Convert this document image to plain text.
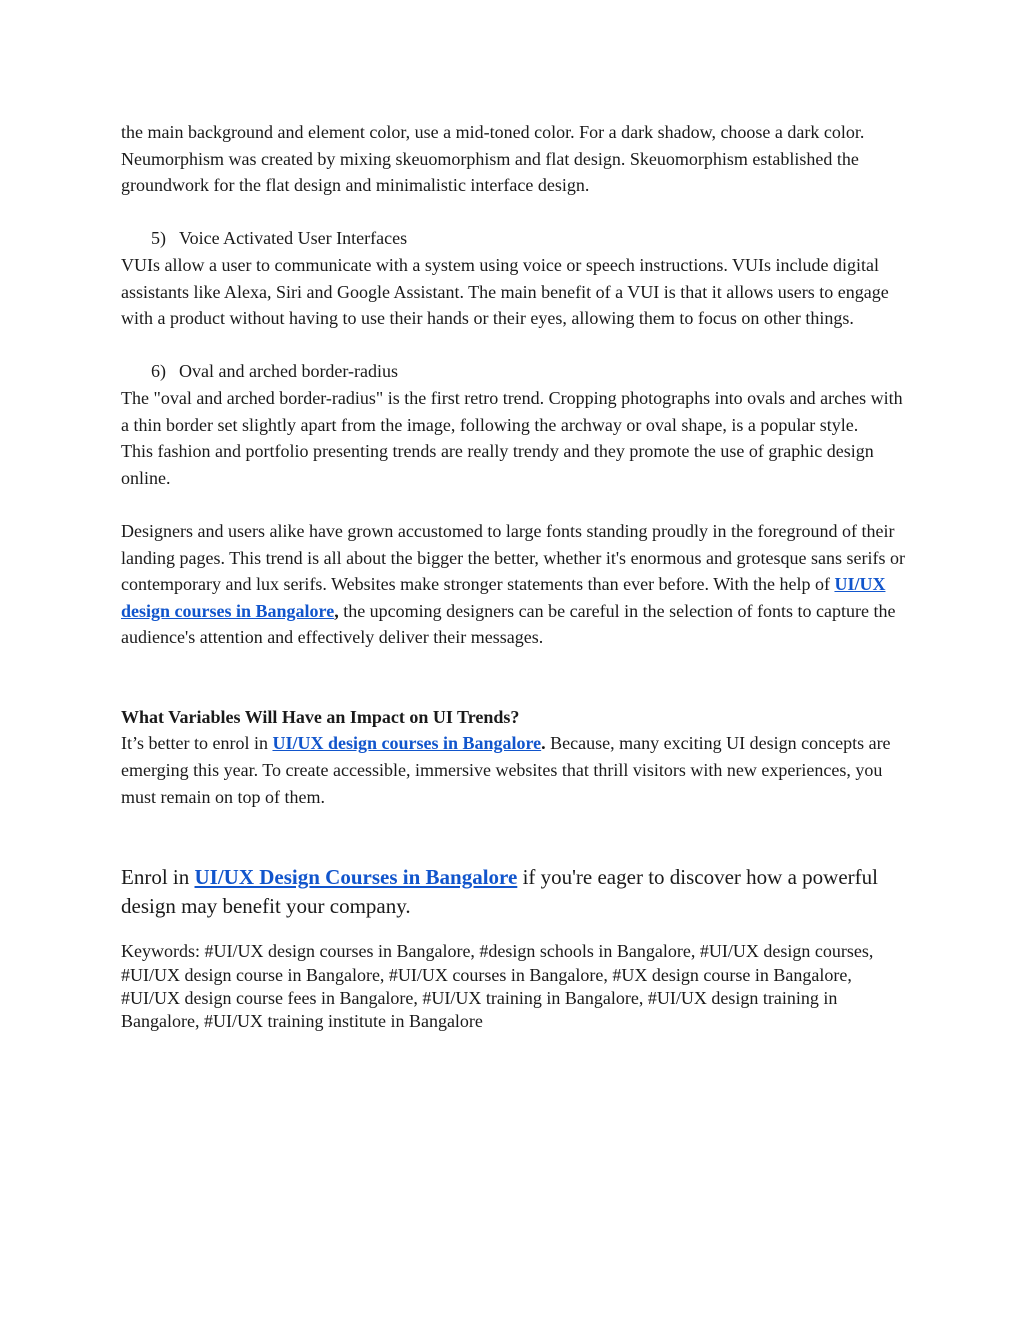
the main background and element color, use a mid-toned color. For a dark shadow, choose a dark color.

Neumorphism was created by mixing skeuomorphism and flat design. Skeuomorphism established the groundwork for the flat design and minimalistic interface design.

5) Voice Activated User Interfaces

VUIs allow a user to communicate with a system using voice or speech instructions. VUIs include digital assistants like Alexa, Siri and Google Assistant. The main benefit of a VUI is that it allows users to engage with a product without having to use their hands or their eyes, allowing them to focus on other things.

6) Oval and arched border-radius

The "oval and arched border-radius" is the first retro trend. Cropping photographs into ovals and arches with a thin border set slightly apart from the image, following the archway or oval shape, is a popular style.

This fashion and portfolio presenting trends are really trendy and they promote the use of graphic design online.

Designers and users alike have grown accustomed to large fonts standing proudly in the foreground of their landing pages. This trend is all about the bigger the better, whether it's enormous and grotesque sans serifs or contemporary and lux serifs. Websites make stronger statements than ever before. With the help of UI/UX design courses in Bangalore, the upcoming designers can be careful in the selection of fonts to capture the audience's attention and effectively deliver their messages.

What Variables Will Have an Impact on UI Trends?

It’s better to enrol in UI/UX design courses in Bangalore. Because, many exciting UI design concepts are emerging this year. To create accessible, immersive websites that thrill visitors with new experiences, you must remain on top of them.

Enrol in UI/UX Design Courses in Bangalore if you're eager to discover how a powerful design may benefit your company.

Keywords: #UI/UX design courses in Bangalore, #design schools in Bangalore, #UI/UX design courses, #UI/UX design course in Bangalore, #UI/UX courses in Bangalore, #UX design course in Bangalore, #UI/UX design course fees in Bangalore, #UI/UX training in Bangalore, #UI/UX design training in Bangalore, #UI/UX training institute in Bangalore
